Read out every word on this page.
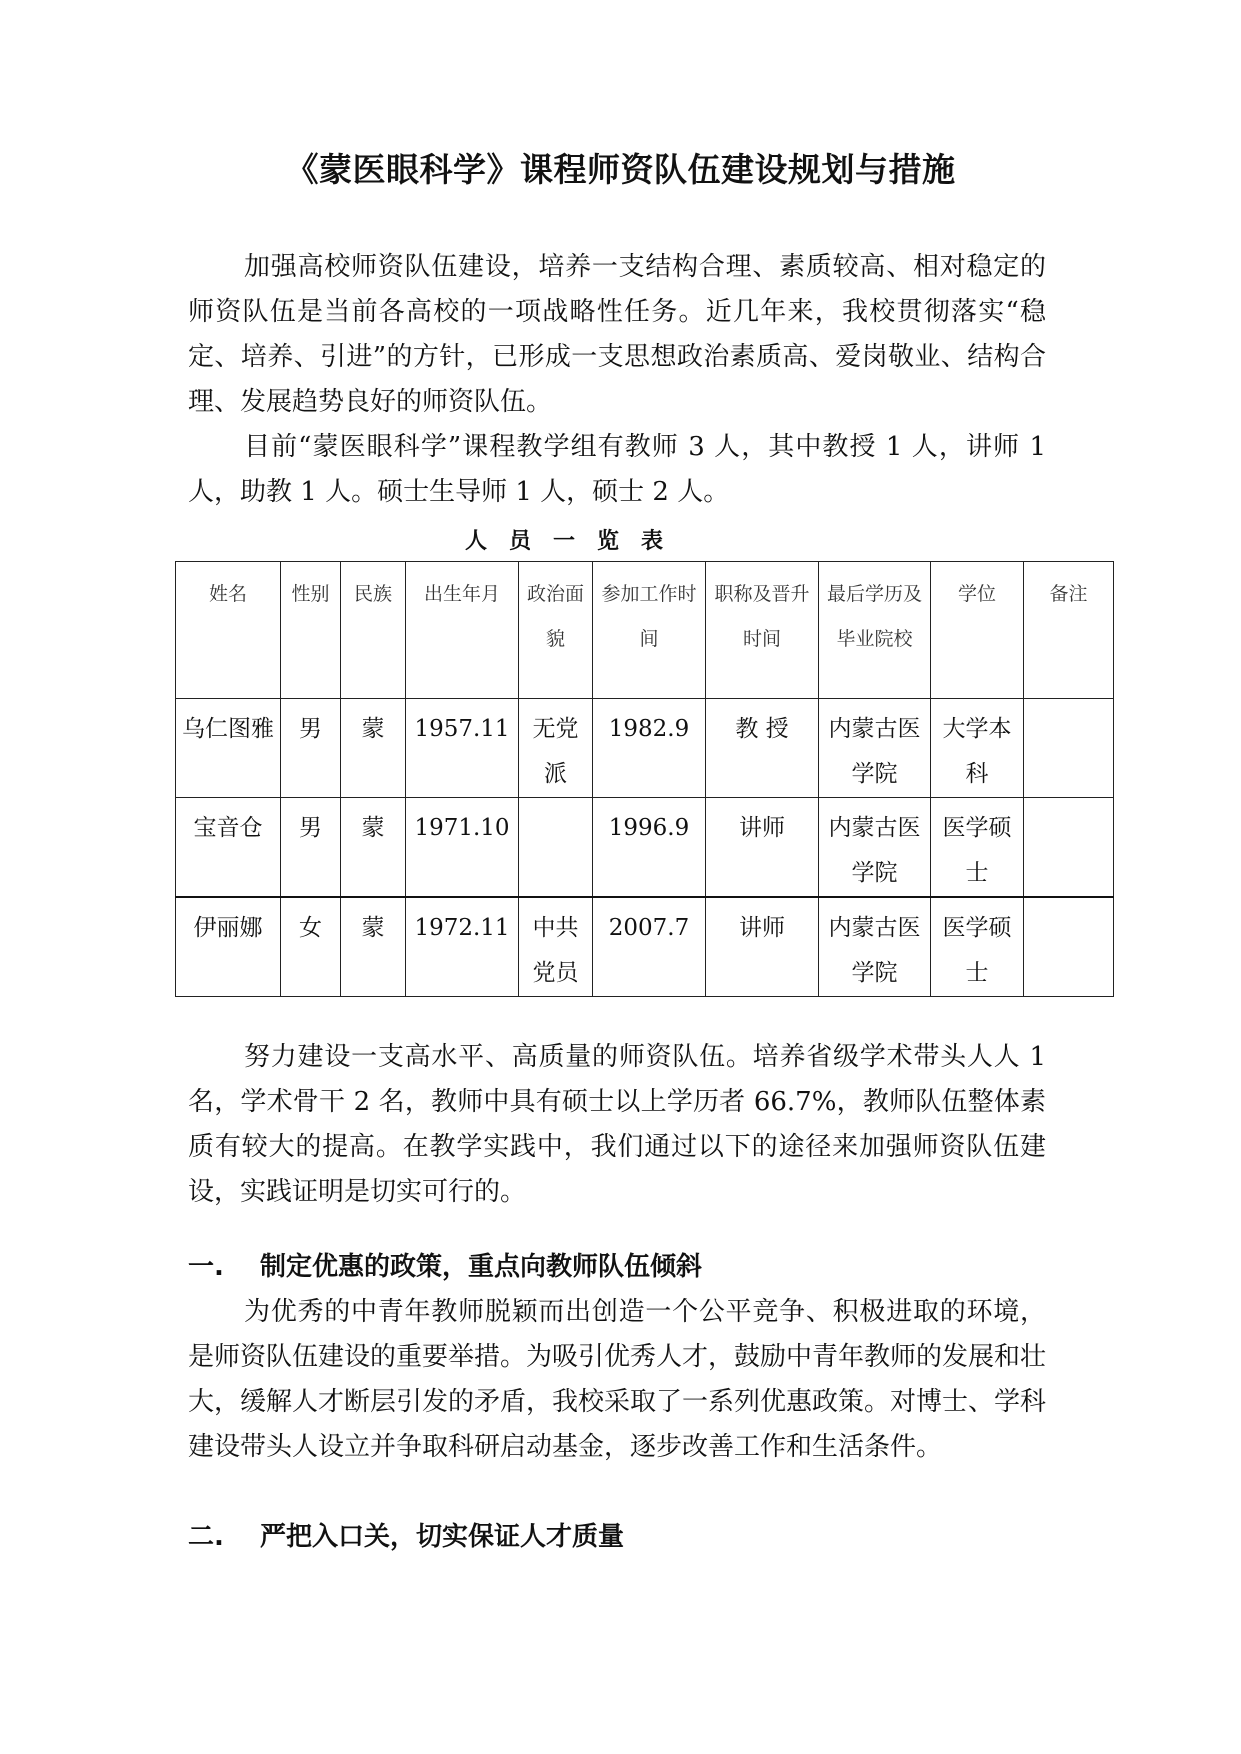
《蒙医眼科学》课程师资队伍建设规划与措施

加强高校师资队伍建设，培养一支结构合理、素质较高、相对稳定的师资队伍是当前各高校的一项战略性任务。近几年来，我校贯彻落实“稳定、培养、引进”的方针，已形成一支思想政治素质高、爱岗敬业、结构合理、发展趋势良好的师资队伍。

目前“蒙医眼科学”课程教学组有教师 3 人，其中教授 1 人，讲师 1 人，助教 1 人。硕士生导师 1 人，硕士 2 人。

人员一览表
姓名	性别	民族	出生年月	政治面貌	参加工作时间	职称及晋升时间	最后学历及毕业院校	学位	备注
乌仁图雅	男	蒙	1957.11	无党派	1982.9	教 授	内蒙古医学院	大学本科	
宝音仓	男	蒙	1971.10		1996.9	讲师	内蒙古医学院	医学硕士	
伊丽娜	女	蒙	1972.11	中共党员	2007.7	讲师	内蒙古医学院	医学硕士	

努力建设一支高水平、高质量的师资队伍。培养省级学术带头人人 1 名，学术骨干 2 名，教师中具有硕士以上学历者 66.7%，教师队伍整体素质有较大的提高。在教学实践中，我们通过以下的途径来加强师资队伍建设，实践证明是切实可行的。

一. 制定优惠的政策，重点向教师队伍倾斜

为优秀的中青年教师脱颖而出创造一个公平竞争、积极进取的环境，是师资队伍建设的重要举措。为吸引优秀人才，鼓励中青年教师的发展和壮大，缓解人才断层引发的矛盾，我校采取了一系列优惠政策。对博士、学科建设带头人设立并争取科研启动基金，逐步改善工作和生活条件。

二. 严把入口关，切实保证人才质量
